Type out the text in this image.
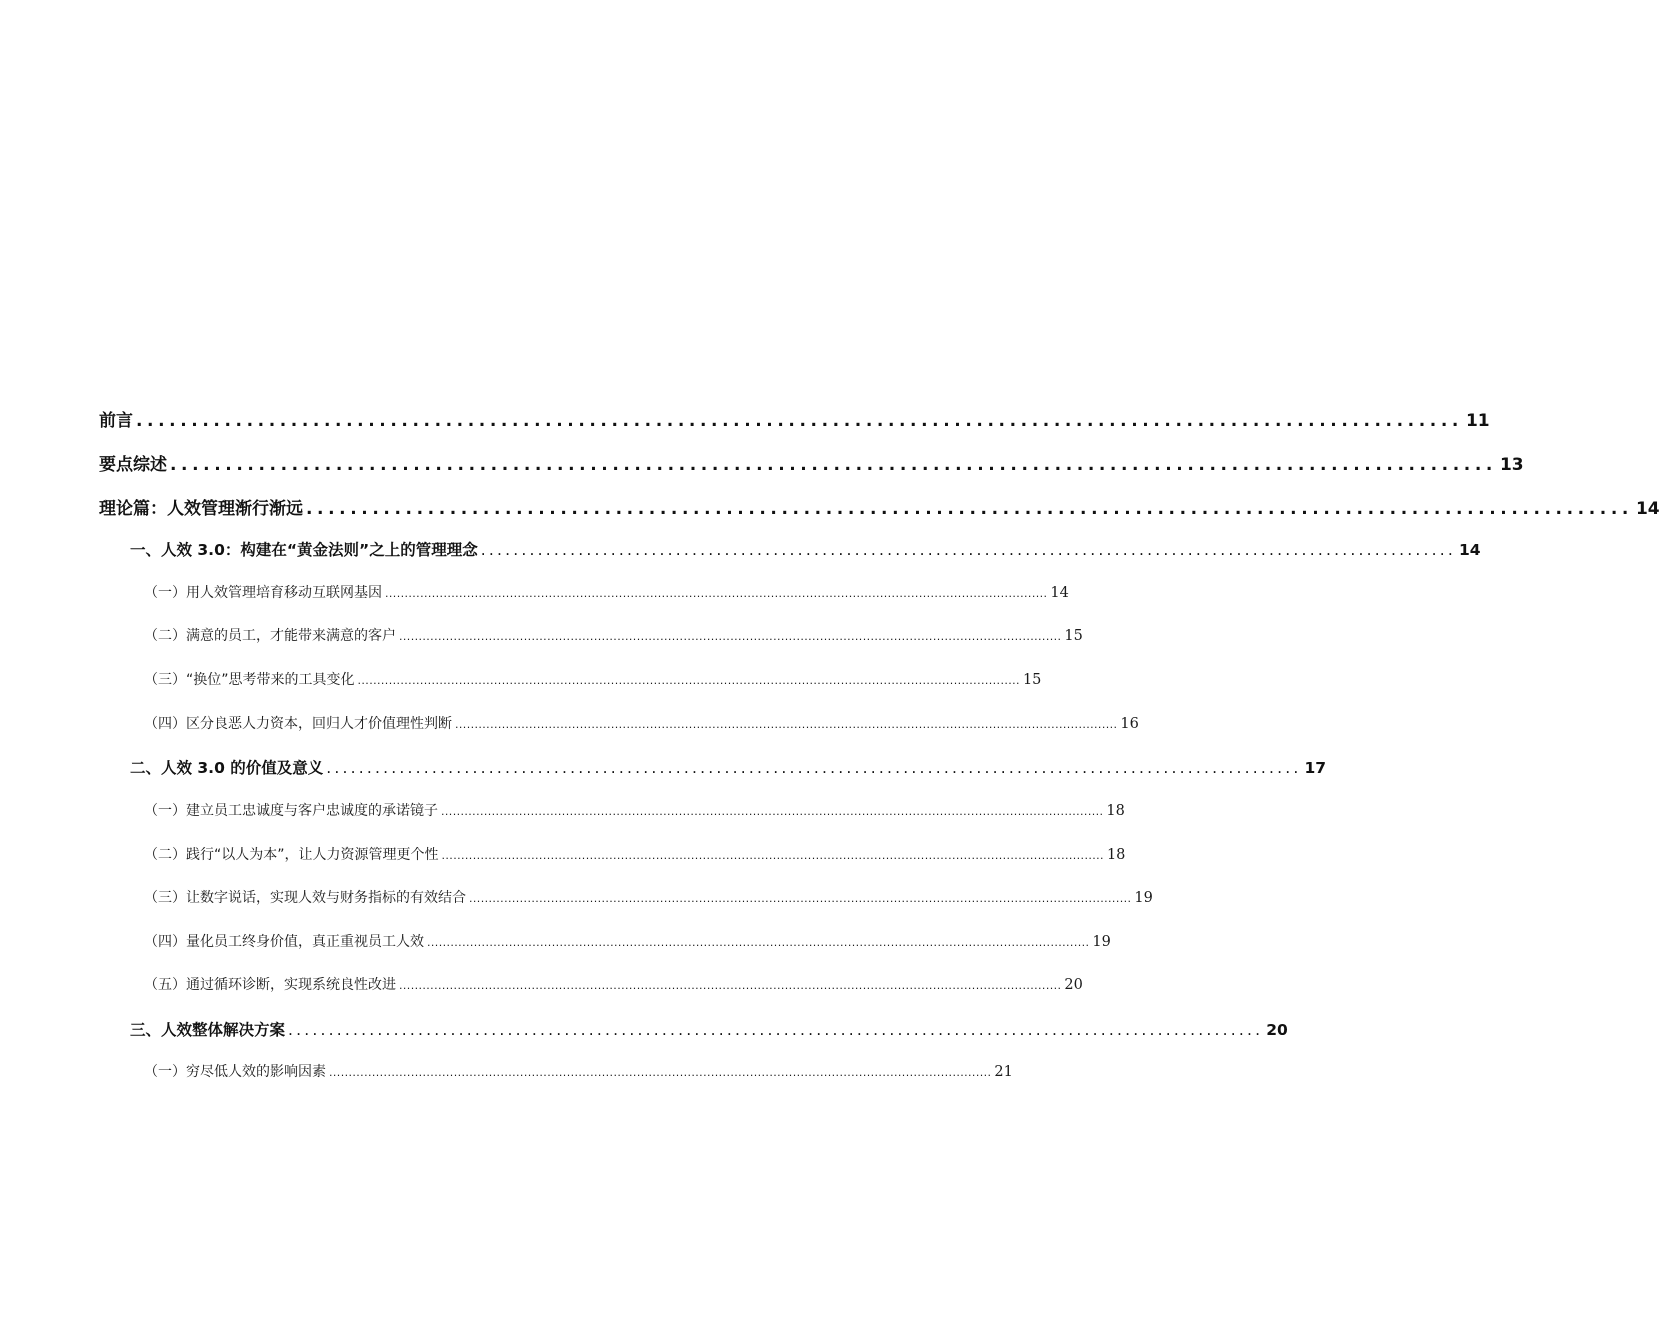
前言 ........................................................................................................................ 11
要点综述 ........................................................................................................................ 13
理论篇：人效管理渐行渐远 ........................................................................................................................ 14
一、人效 3.0：构建在“黄金法则”之上的管理理念 ........................................................................................................................ 14
（一）用人效管理培育移动互联网基因 .......................................................................................................................................................................... 14
（二）满意的员工，才能带来满意的客户 .......................................................................................................................................................................... 15
（三）“换位”思考带来的工具变化 .......................................................................................................................................................................... 15
（四）区分良恶人力资本，回归人才价值理性判断 .......................................................................................................................................................................... 16
二、人效 3.0 的价值及意义 ........................................................................................................................ 17
（一）建立员工忠诚度与客户忠诚度的承诺镜子 .......................................................................................................................................................................... 18
（二）践行“以人为本”，让人力资源管理更个性 .......................................................................................................................................................................... 18
（三）让数字说话，实现人效与财务指标的有效结合 .......................................................................................................................................................................... 19
（四）量化员工终身价值，真正重视员工人效 .......................................................................................................................................................................... 19
（五）通过循环诊断，实现系统良性改进 .......................................................................................................................................................................... 20
三、人效整体解决方案 ........................................................................................................................ 20
（一）穷尽低人效的影响因素 .......................................................................................................................................................................... 21
